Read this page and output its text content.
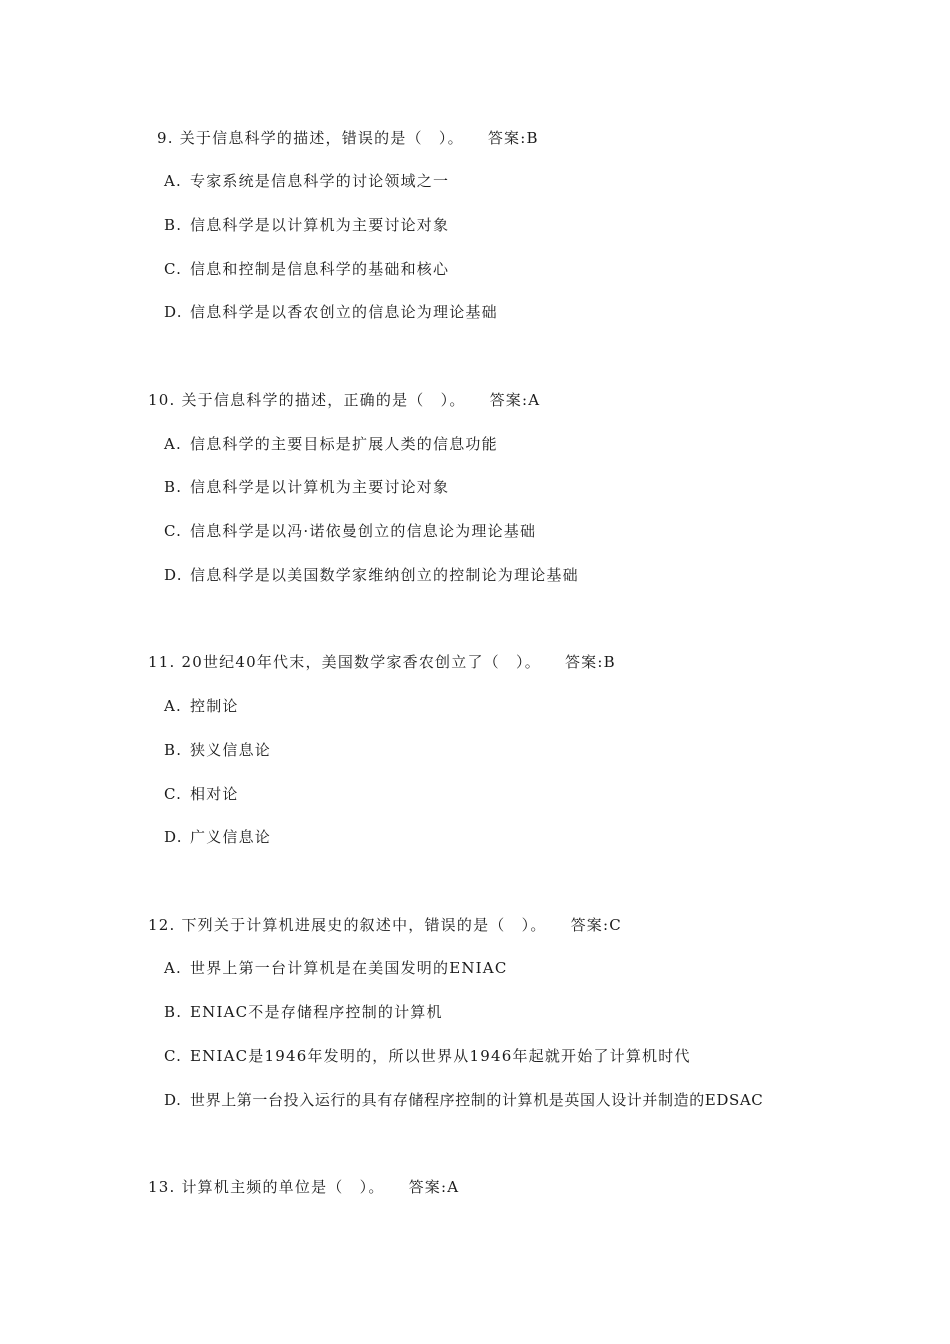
9. 关于信息科学的描述，错误的是（　）。 答案:B
A. 专家系统是信息科学的讨论领域之一
B. 信息科学是以计算机为主要讨论对象
C. 信息和控制是信息科学的基础和核心
D. 信息科学是以香农创立的信息论为理论基础
10. 关于信息科学的描述，正确的是（　）。 答案:A
A. 信息科学的主要目标是扩展人类的信息功能
B. 信息科学是以计算机为主要讨论对象
C. 信息科学是以冯·诺依曼创立的信息论为理论基础
D. 信息科学是以美国数学家维纳创立的控制论为理论基础
11. 20世纪40年代末，美国数学家香农创立了（　）。 答案:B
A. 控制论
B. 狭义信息论
C. 相对论
D. 广义信息论
12. 下列关于计算机进展史的叙述中，错误的是（　）。 答案:C
A. 世界上第一台计算机是在美国发明的ENIAC
B. ENIAC不是存储程序控制的计算机
C. ENIAC是1946年发明的，所以世界从1946年起就开始了计算机时代
D. 世界上第一台投入运行的具有存储程序控制的计算机是英国人设计并制造的EDSAC
13. 计算机主频的单位是（　）。 答案:A
